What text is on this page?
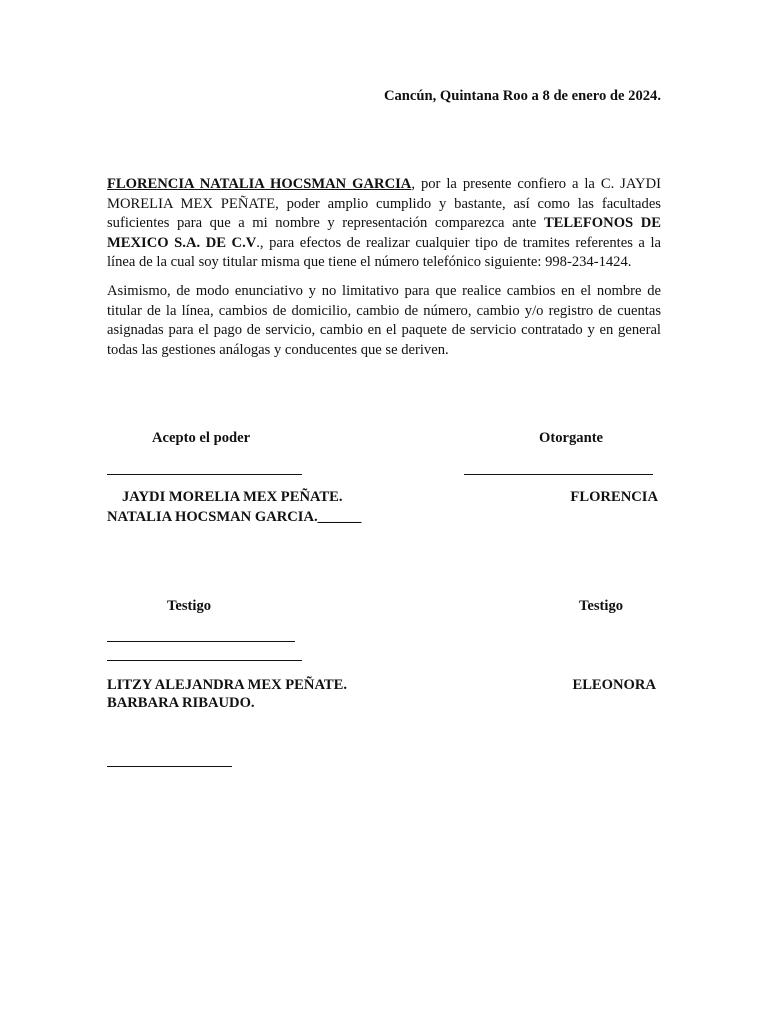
Cancún, Quintana Roo a 8 de enero de 2024.
FLORENCIA NATALIA HOCSMAN GARCIA, por la presente confiero a la C. JAYDI
MORELIA MEX PEÑATE, poder amplio cumplido y bastante, así como las facultades
suficientes para que a mi nombre y representación comparezca ante TELEFONOS DE
MEXICO S.A. DE C.V., para efectos de realizar cualquier tipo de tramites referentes a la
línea de la cual soy titular misma que tiene el número telefónico siguiente: 998-234-1424.
Asimismo, de modo enunciativo y no limitativo para que realice cambios en el nombre de
titular de la línea, cambios de domicilio, cambio de número, cambio y/o registro de cuentas
asignadas para el pago de servicio, cambio en el paquete de servicio contratado y en general
todas las gestiones análogas y conducentes que se deriven.
Acepto el poder	Otorgante
JAYDI MORELIA MEX PEÑATE.	FLORENCIA
NATALIA HOCSMAN GARCIA.______
Testigo	Testigo
LITZY ALEJANDRA MEX PEÑATE.	ELEONORA
BARBARA RIBAUDO.
